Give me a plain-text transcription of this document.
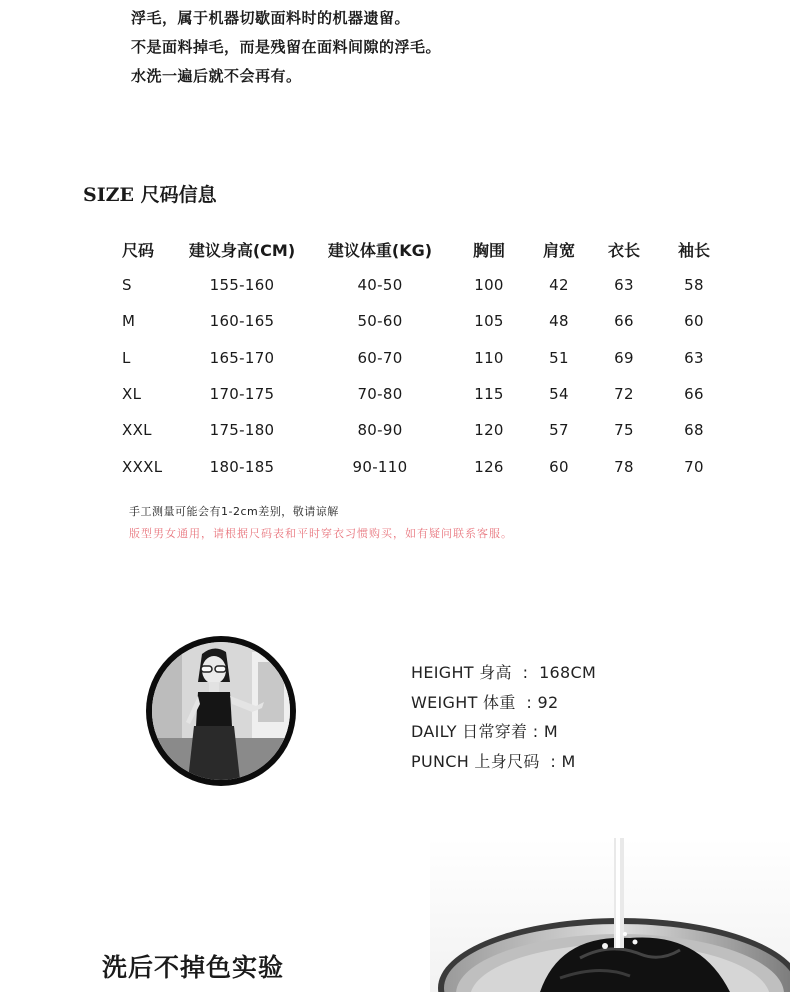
浮毛，属于机器切歇面料时的机器遗留。
不是面料掉毛，而是残留在面料间隙的浮毛。
水洗一遍后就不会再有。
SIZE 尺码信息
尺码	建议身高(CM)	建议体重(KG)	胸围	肩宽	衣长	袖长
S	155-160	40-50	100	42	63	58
M	160-165	50-60	105	48	66	60
L	165-170	60-70	110	51	69	63
XL	170-175	70-80	115	54	72	66
XXL	175-180	80-90	120	57	75	68
XXXL	180-185	90-110	126	60	78	70
手工测量可能会有1-2cm差别，敬请谅解
版型男女通用，请根据尺码表和平时穿衣习惯购买，如有疑问联系客服。
HEIGHT 身高  :  168CM
WEIGHT 体重  : 92
DAILY 日常穿着 : M
PUNCH 上身尺码  : M
洗后不掉色实验
